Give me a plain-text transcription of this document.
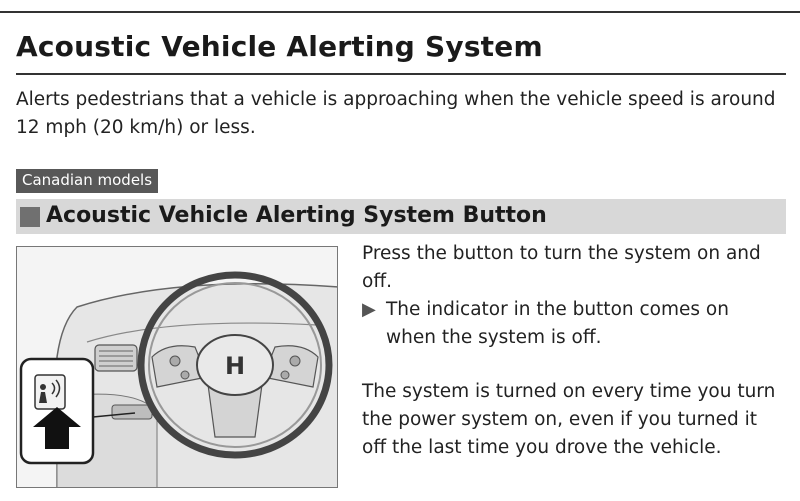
Acoustic Vehicle Alerting System
Alerts pedestrians that a vehicle is approaching when the vehicle speed is around 12 mph (20 km/h) or less.
Canadian models
Acoustic Vehicle Alerting System Button
H

Press the button to turn the system on and off.

▶ The indicator in the button comes on when the system is off.

The system is turned on every time you turn the power system on, even if you turned it off the last time you drove the vehicle.
